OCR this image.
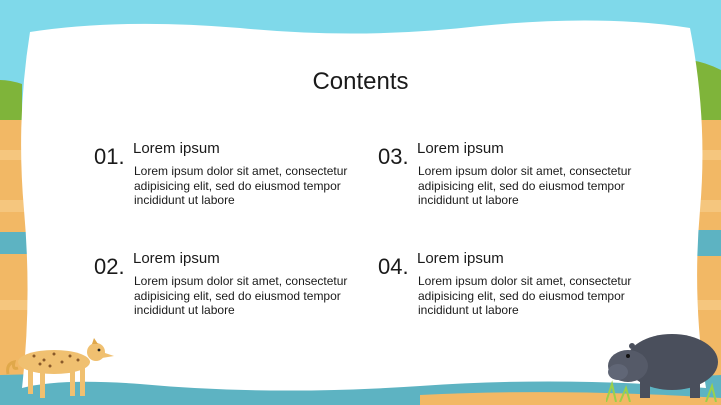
Contents
01. Lorem ipsum
Lorem ipsum dolor sit amet, consectetur adipisicing elit, sed do eiusmod tempor incididunt ut labore
02. Lorem ipsum
Lorem ipsum dolor sit amet, consectetur adipisicing elit, sed do eiusmod tempor incididunt ut labore
03. Lorem ipsum
Lorem ipsum dolor sit amet, consectetur adipisicing elit, sed do eiusmod tempor incididunt ut labore
04. Lorem ipsum
Lorem ipsum dolor sit amet, consectetur adipisicing elit, sed do eiusmod tempor incididunt ut labore
